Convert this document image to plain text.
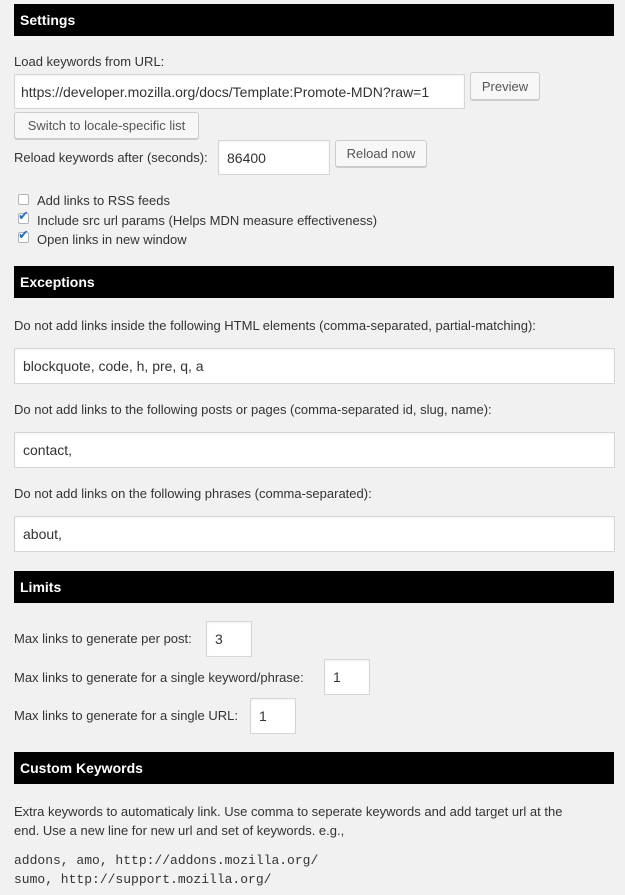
Settings
Load keywords from URL:
https://developer.mozilla.org/docs/Template:Promote-MDN?raw=1
Preview
Switch to locale-specific list
Reload keywords after (seconds):
86400	Reload now
Add links to RSS feeds
✔ Include src url params (Helps MDN measure effectiveness)
✔ Open links in new window
Exceptions
Do not add links inside the following HTML elements (comma-separated, partial-matching):
blockquote, code, h, pre, q, a
Do not add links to the following posts or pages (comma-separated id, slug, name):
contact,
Do not add links on the following phrases (comma-separated):
about,
Limits
Max links to generate per post:
3
Max links to generate for a single keyword/phrase:
1
Max links to generate for a single URL:
1
Custom Keywords
Extra keywords to automaticaly link. Use comma to seperate keywords and add target url at the
end. Use a new line for new url and set of keywords. e.g.,
addons, amo, http://addons.mozilla.org/
sumo, http://support.mozilla.org/
